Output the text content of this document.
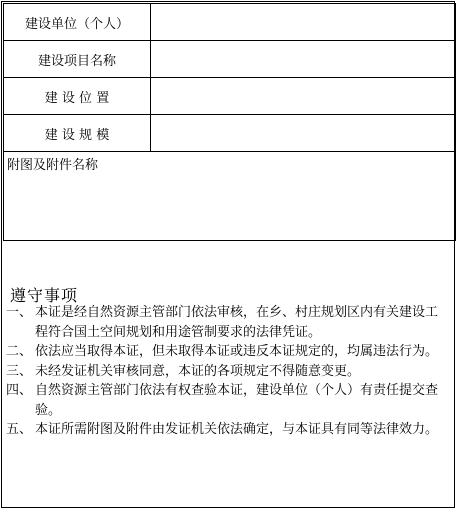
建设单位（个人）	
建设项目名称	
建 设 位 置	
建 设 规 模	
附图及附件名称	
遵守事项
一、 本证是经自然资源主管部门依法审核，在乡、村庄规划区内有关建设工程符合国土空间规划和用途管制要求的法律凭证。
二、 依法应当取得本证，但未取得本证或违反本证规定的，均属违法行为。
三、 未经发证机关审核同意，本证的各项规定不得随意变更。
四、 自然资源主管部门依法有权查验本证，建设单位（个人）有责任提交查验。
五、 本证所需附图及附件由发证机关依法确定，与本证具有同等法律效力。
